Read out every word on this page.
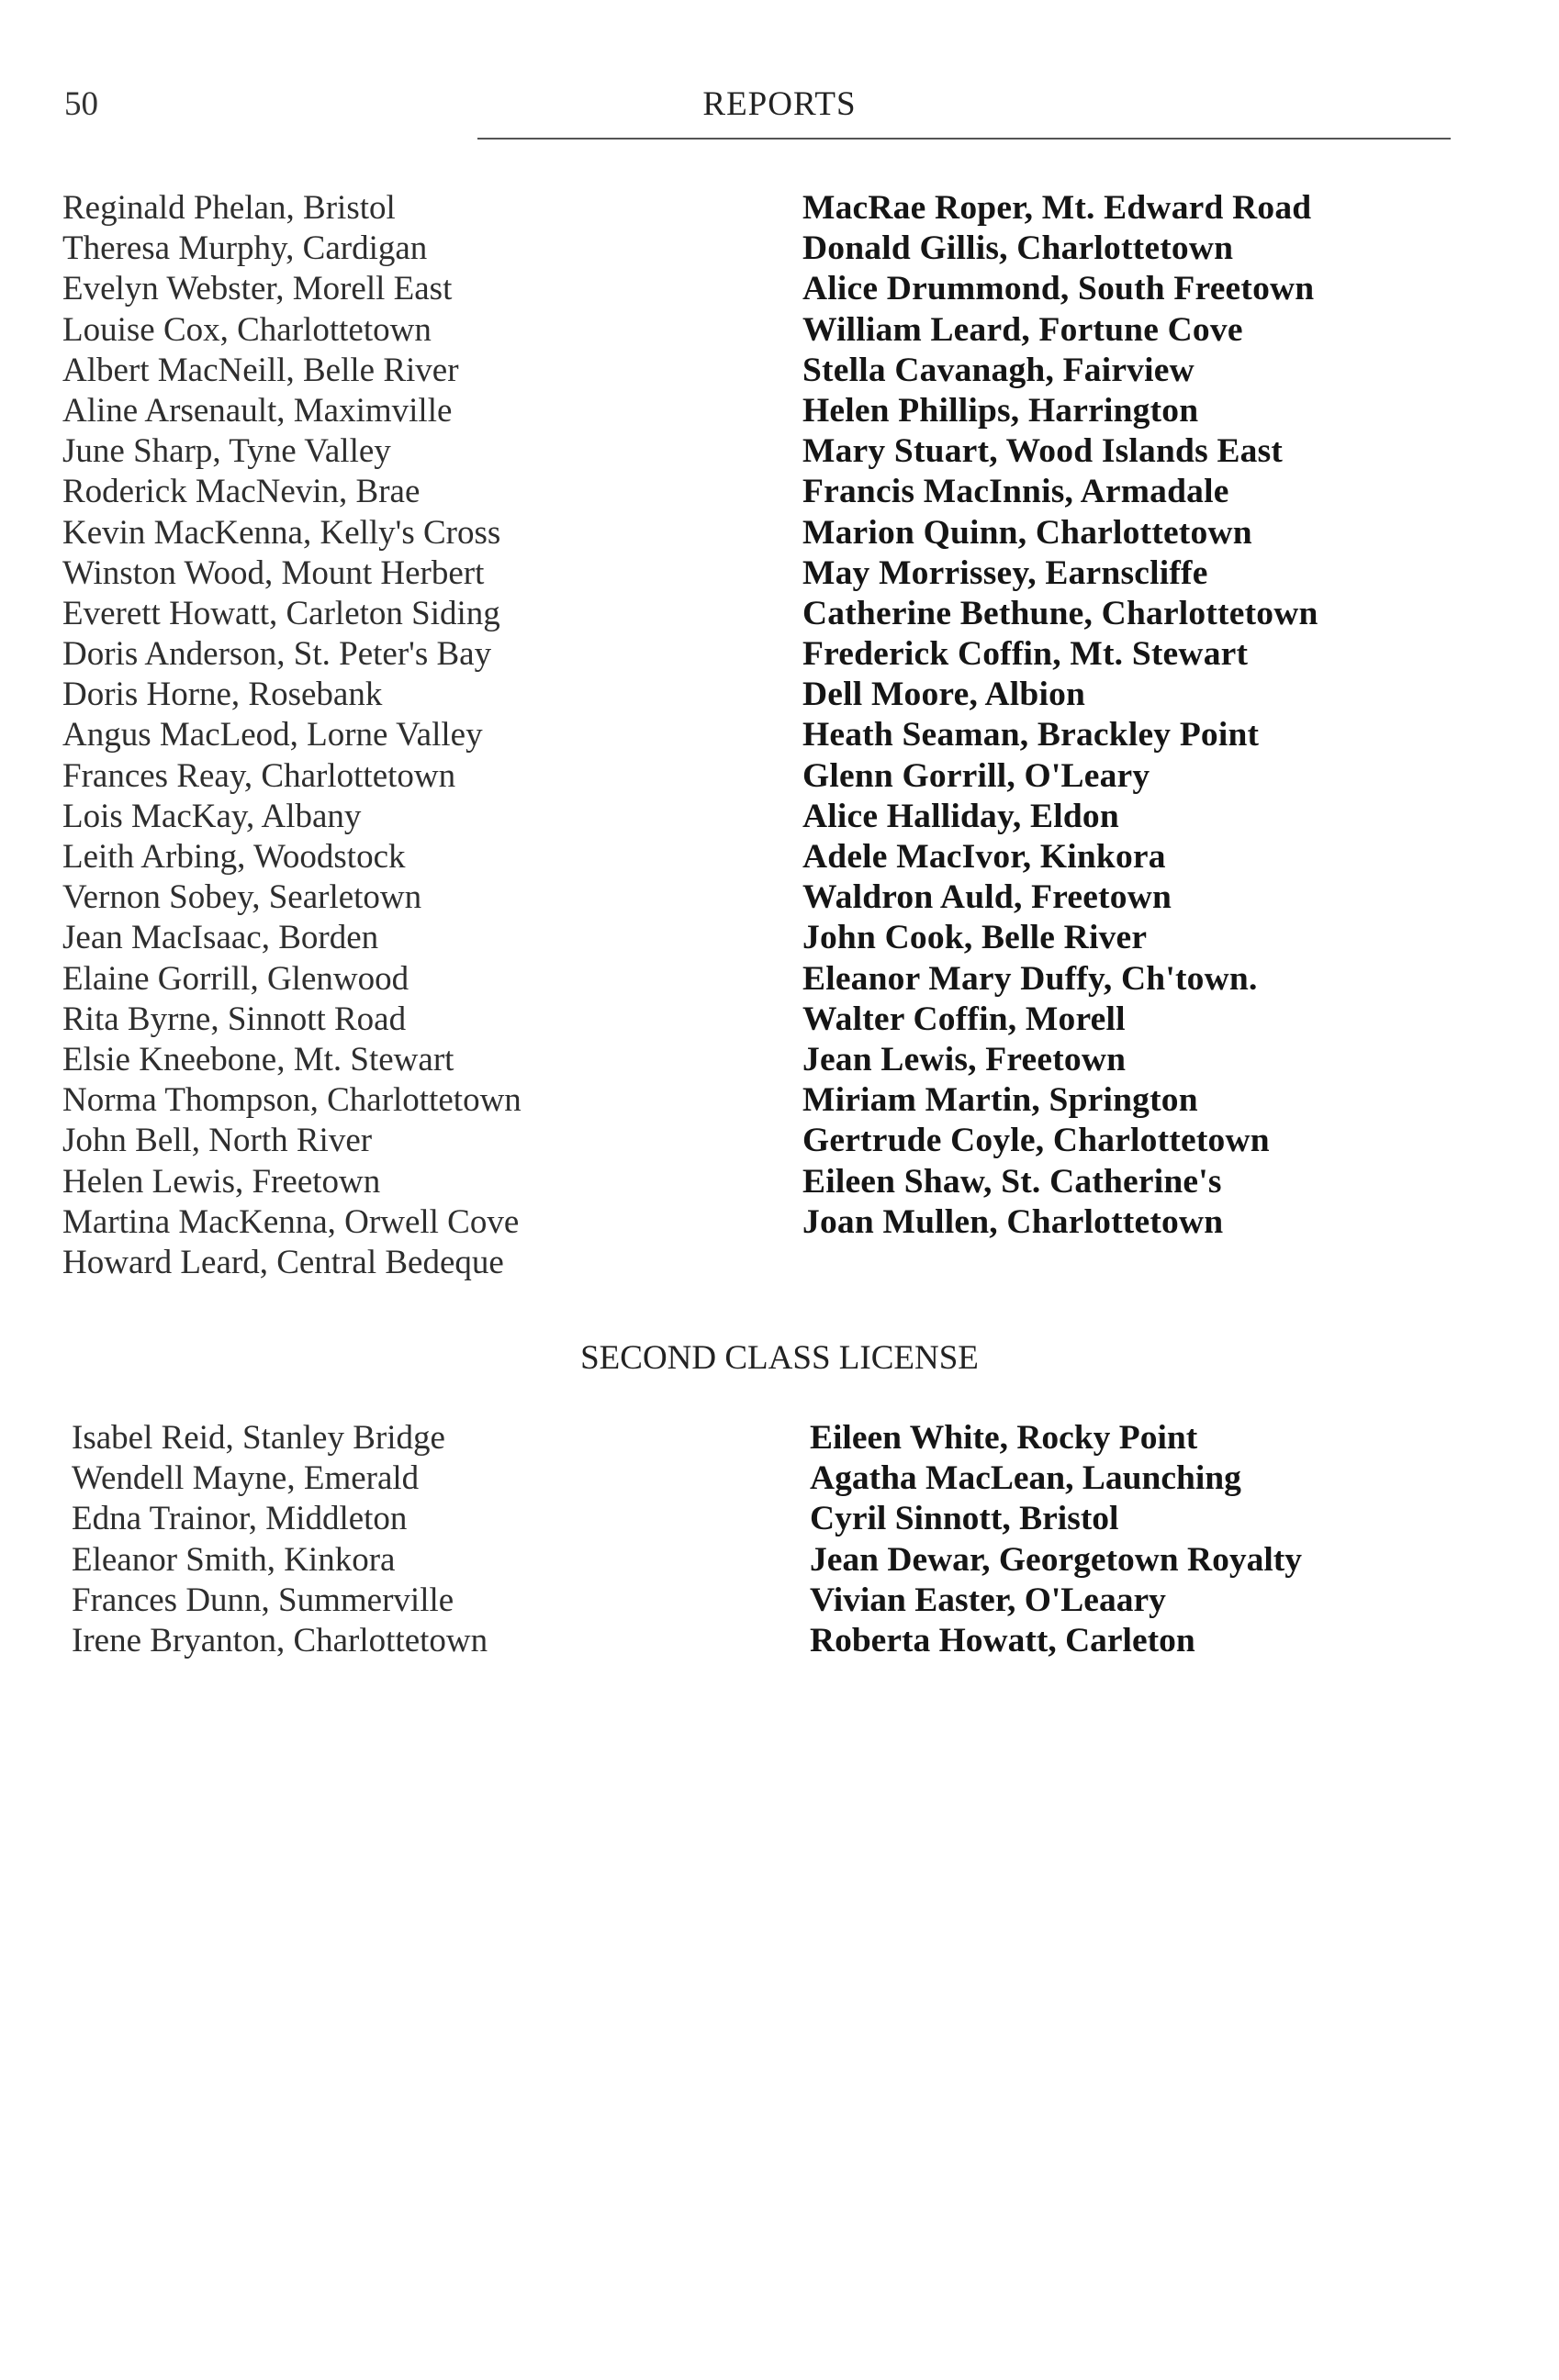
50	REPORTS
Reginald Phelan, Bristol
Theresa Murphy, Cardigan
Evelyn Webster, Morell East
Louise Cox, Charlottetown
Albert MacNeill, Belle River
Aline Arsenault, Maximville
June Sharp, Tyne Valley
Roderick MacNevin, Brae
Kevin MacKenna, Kelly's Cross
Winston Wood, Mount Herbert
Everett Howatt, Carleton Siding
Doris Anderson, St. Peter's Bay
Doris Horne, Rosebank
Angus MacLeod, Lorne Valley
Frances Reay, Charlottetown
Lois MacKay, Albany
Leith Arbing, Woodstock
Vernon Sobey, Searletown
Jean MacIsaac, Borden
Elaine Gorrill, Glenwood
Rita Byrne, Sinnott Road
Elsie Kneebone, Mt. Stewart
Norma Thompson, Charlottetown
John Bell, North River
Helen Lewis, Freetown
Martina MacKenna, Orwell Cove
Howard Leard, Central Bedeque
MacRae Roper, Mt. Edward Road
Donald Gillis, Charlottetown
Alice Drummond, South Freetown
William Leard, Fortune Cove
Stella Cavanagh, Fairview
Helen Phillips, Harrington
Mary Stuart, Wood Islands East
Francis MacInnis, Armadale
Marion Quinn, Charlottetown
May Morrissey, Earnscliffe
Catherine Bethune, Charlottetown
Frederick Coffin, Mt. Stewart
Dell Moore, Albion
Heath Seaman, Brackley Point
Glenn Gorrill, O'Leary
Alice Halliday, Eldon
Adele MacIvor, Kinkora
Waldron Auld, Freetown
John Cook, Belle River
Eleanor Mary Duffy, Ch'town.
Walter Coffin, Morell
Jean Lewis, Freetown
Miriam Martin, Springton
Gertrude Coyle, Charlottetown
Eileen Shaw, St. Catherine's
Joan Mullen, Charlottetown
SECOND CLASS LICENSE
Isabel Reid, Stanley Bridge
Wendell Mayne, Emerald
Edna Trainor, Middleton
Eleanor Smith, Kinkora
Frances Dunn, Summerville
Irene Bryanton, Charlottetown
Eileen White, Rocky Point
Agatha MacLean, Launching
Cyril Sinnott, Bristol
Jean Dewar, Georgetown Royalty
Vivian Easter, O'Leaary
Roberta Howatt, Carleton
